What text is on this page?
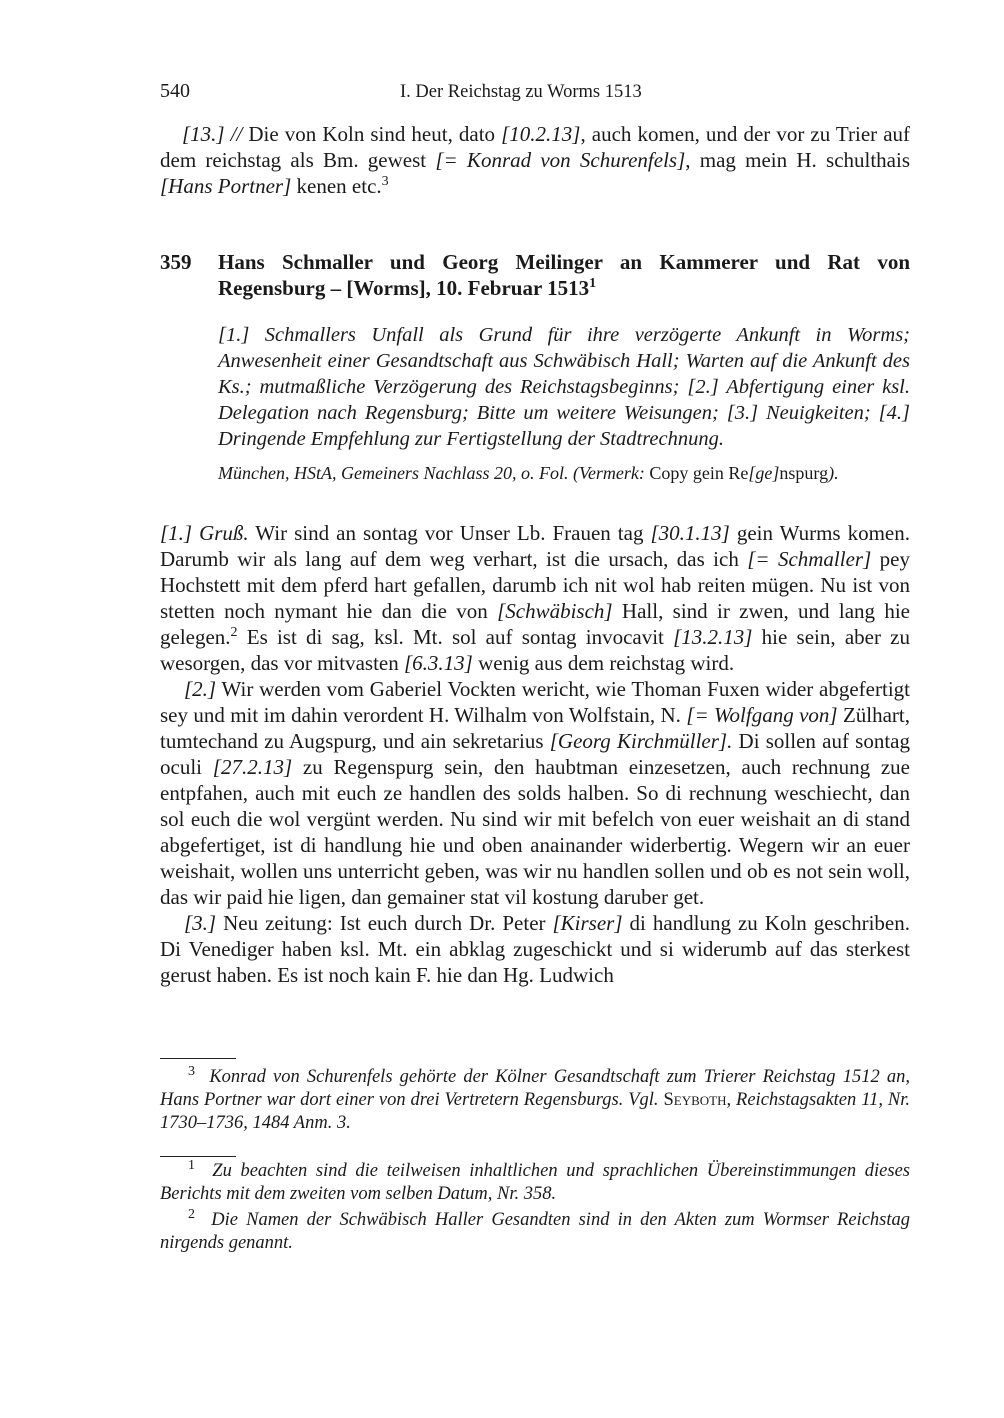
540	I. Der Reichstag zu Worms 1513
[13.] // Die von Koln sind heut, dato [10.2.13], auch komen, und der vor zu Trier auf dem reichstag als Bm. gewest [= Konrad von Schurenfels], mag mein H. schulthais [Hans Portner] kenen etc.$^3$
359 Hans Schmaller und Georg Meilinger an Kammerer und Rat von Regensburg – [Worms], 10. Februar 1513$^1$
[1.] Schmallers Unfall als Grund für ihre verzögerte Ankunft in Worms; Anwesenheit einer Gesandtschaft aus Schwäbisch Hall; Warten auf die Ankunft des Ks.; mutmaßliche Verzögerung des Reichstagsbeginns; [2.] Abfertigung einer ksl. Delegation nach Regensburg; Bitte um weitere Weisungen; [3.] Neuigkeiten; [4.] Dringende Empfehlung zur Fertigstellung der Stadtrechnung.
München, HStA, Gemeiners Nachlass 20, o. Fol. (Vermerk: Copy gein Re[ge]nspurg).

[1.] Gruß. Wir sind an sontag vor Unser Lb. Frauen tag [30.1.13] gein Wurms komen. Darumb wir als lang auf dem weg verhart, ist die ursach, das ich [= Schmaller] pey Hochstett mit dem pferd hart gefallen, darumb ich nit wol hab reiten mügen. Nu ist von stetten noch nymant hie dan die von [Schwäbisch] Hall, sind ir zwen, und lang hie gelegen.$^2$ Es ist di sag, ksl. Mt. sol auf sontag invocavit [13.2.13] hie sein, aber zu wesorgen, das vor mitvasten [6.3.13] wenig aus dem reichstag wird.

[2.] Wir werden vom Gaberiel Vockten wericht, wie Thoman Fuxen wider abgefertigt sey und mit im dahin verordent H. Wilhalm von Wolfstain, N. [= Wolfgang von] Zülhart, tumtechand zu Augspurg, und ain sekretarius [Georg Kirchmüller]. Di sollen auf sontag oculi [27.2.13] zu Regenspurg sein, den haubtman einzesetzen, auch rechnung zue entpfahen, auch mit euch ze handlen des solds halben. So di rechnung weschiecht, dan sol euch die wol vergünt werden. Nu sind wir mit befelch von euer weishait an di stand abgefertiget, ist di handlung hie und oben anainander widerbertig. Wegern wir an euer weishait, wollen uns unterricht geben, was wir nu handlen sollen und ob es not sein woll, das wir paid hie ligen, dan gemainer stat vil kostung daruber get.

[3.] Neu zeitung: Ist euch durch Dr. Peter [Kirser] di handlung zu Koln geschriben. Di Venediger haben ksl. Mt. ein abklag zugeschickt und si widerumb auf das sterkest gerust haben. Es ist noch kain F. hie dan Hg. Ludwich

$^3$ Konrad von Schurenfels gehörte der Kölner Gesandtschaft zum Trierer Reichstag 1512 an, Hans Portner war dort einer von drei Vertretern Regensburgs. Vgl. Seyboth, Reichstagsakten 11, Nr. 1730–1736, 1484 Anm. 3.
$^1$ Zu beachten sind die teilweisen inhaltlichen und sprachlichen Übereinstimmungen dieses Berichts mit dem zweiten vom selben Datum, Nr. 358.
$^2$ Die Namen der Schwäbisch Haller Gesandten sind in den Akten zum Wormser Reichstag nirgends genannt.
